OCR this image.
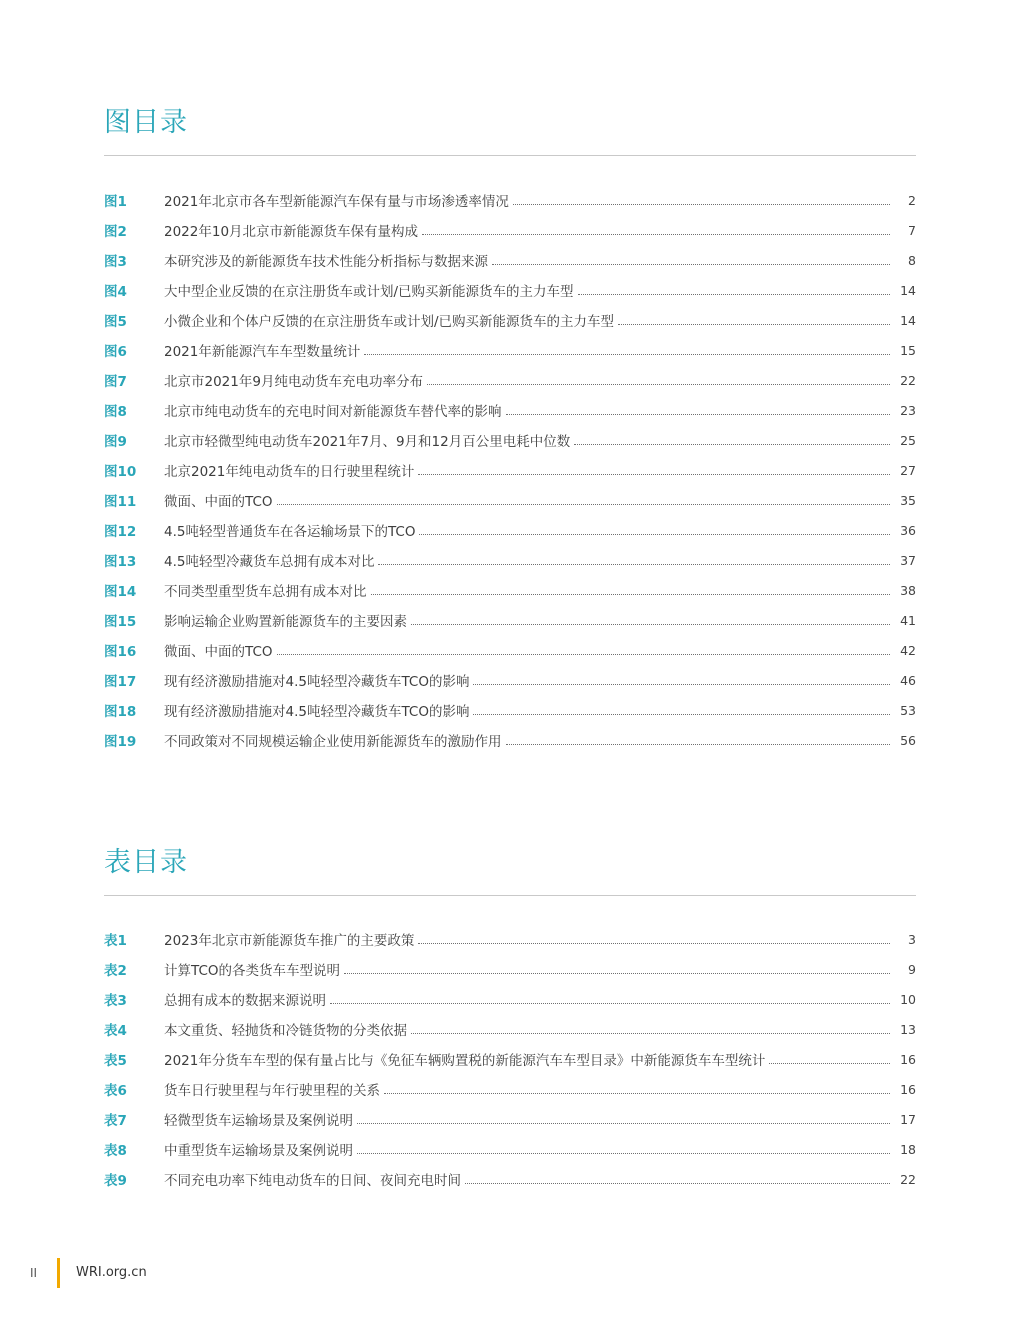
图目录
图1	2021年北京市各车型新能源汽车保有量与市场渗透率情况	2
图2	2022年10月北京市新能源货车保有量构成	7
图3	本研究涉及的新能源货车技术性能分析指标与数据来源	8
图4	大中型企业反馈的在京注册货车或计划/已购买新能源货车的主力车型	14
图5	小微企业和个体户反馈的在京注册货车或计划/已购买新能源货车的主力车型	14
图6	2021年新能源汽车车型数量统计	15
图7	北京市2021年9月纯电动货车充电功率分布	22
图8	北京市纯电动货车的充电时间对新能源货车替代率的影响	23
图9	北京市轻微型纯电动货车2021年7月、9月和12月百公里电耗中位数	25
图10	北京2021年纯电动货车的日行驶里程统计	27
图11	微面、中面的TCO	35
图12	4.5吨轻型普通货车在各运输场景下的TCO	36
图13	4.5吨轻型冷藏货车总拥有成本对比	37
图14	不同类型重型货车总拥有成本对比	38
图15	影响运输企业购置新能源货车的主要因素	41
图16	微面、中面的TCO	42
图17	现有经济激励措施对4.5吨轻型冷藏货车TCO的影响	46
图18	现有经济激励措施对4.5吨轻型冷藏货车TCO的影响	53
图19	不同政策对不同规模运输企业使用新能源货车的激励作用	56
表目录
表1	2023年北京市新能源货车推广的主要政策	3
表2	计算TCO的各类货车车型说明	9
表3	总拥有成本的数据来源说明	10
表4	本文重货、轻抛货和冷链货物的分类依据	13
表5	2021年分货车车型的保有量占比与《免征车辆购置税的新能源汽车车型目录》中新能源货车车型统计	16
表6	货车日行驶里程与年行驶里程的关系	16
表7	轻微型货车运输场景及案例说明	17
表8	中重型货车运输场景及案例说明	18
表9	不同充电功率下纯电动货车的日间、夜间充电时间	22
II	WRI.org.cn
